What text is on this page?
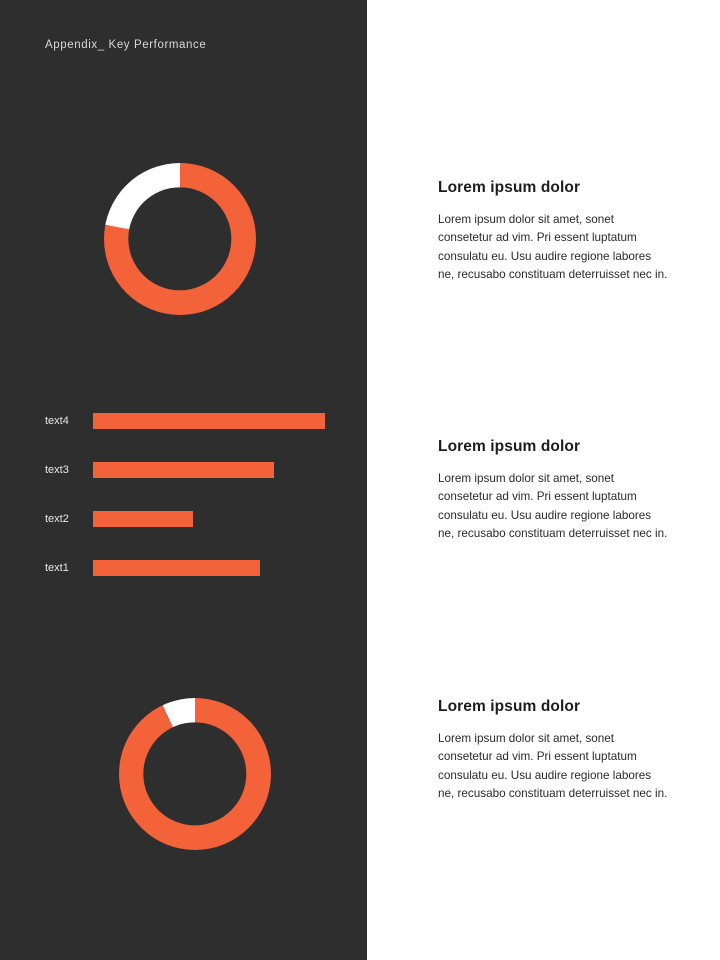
Appendix_ Key Performance
text4
text3
text2
text1
Lorem ipsum dolor

Lorem ipsum dolor sit amet, sonet consetetur ad vim. Pri essent luptatum consulatu eu. Usu audire regione labores ne, recusabo constituam deterruisset nec in.

Lorem ipsum dolor

Lorem ipsum dolor sit amet, sonet consetetur ad vim. Pri essent luptatum consulatu eu. Usu audire regione labores ne, recusabo constituam deterruisset nec in.

Lorem ipsum dolor

Lorem ipsum dolor sit amet, sonet consetetur ad vim. Pri essent luptatum consulatu eu. Usu audire regione labores ne, recusabo constituam deterruisset nec in.
